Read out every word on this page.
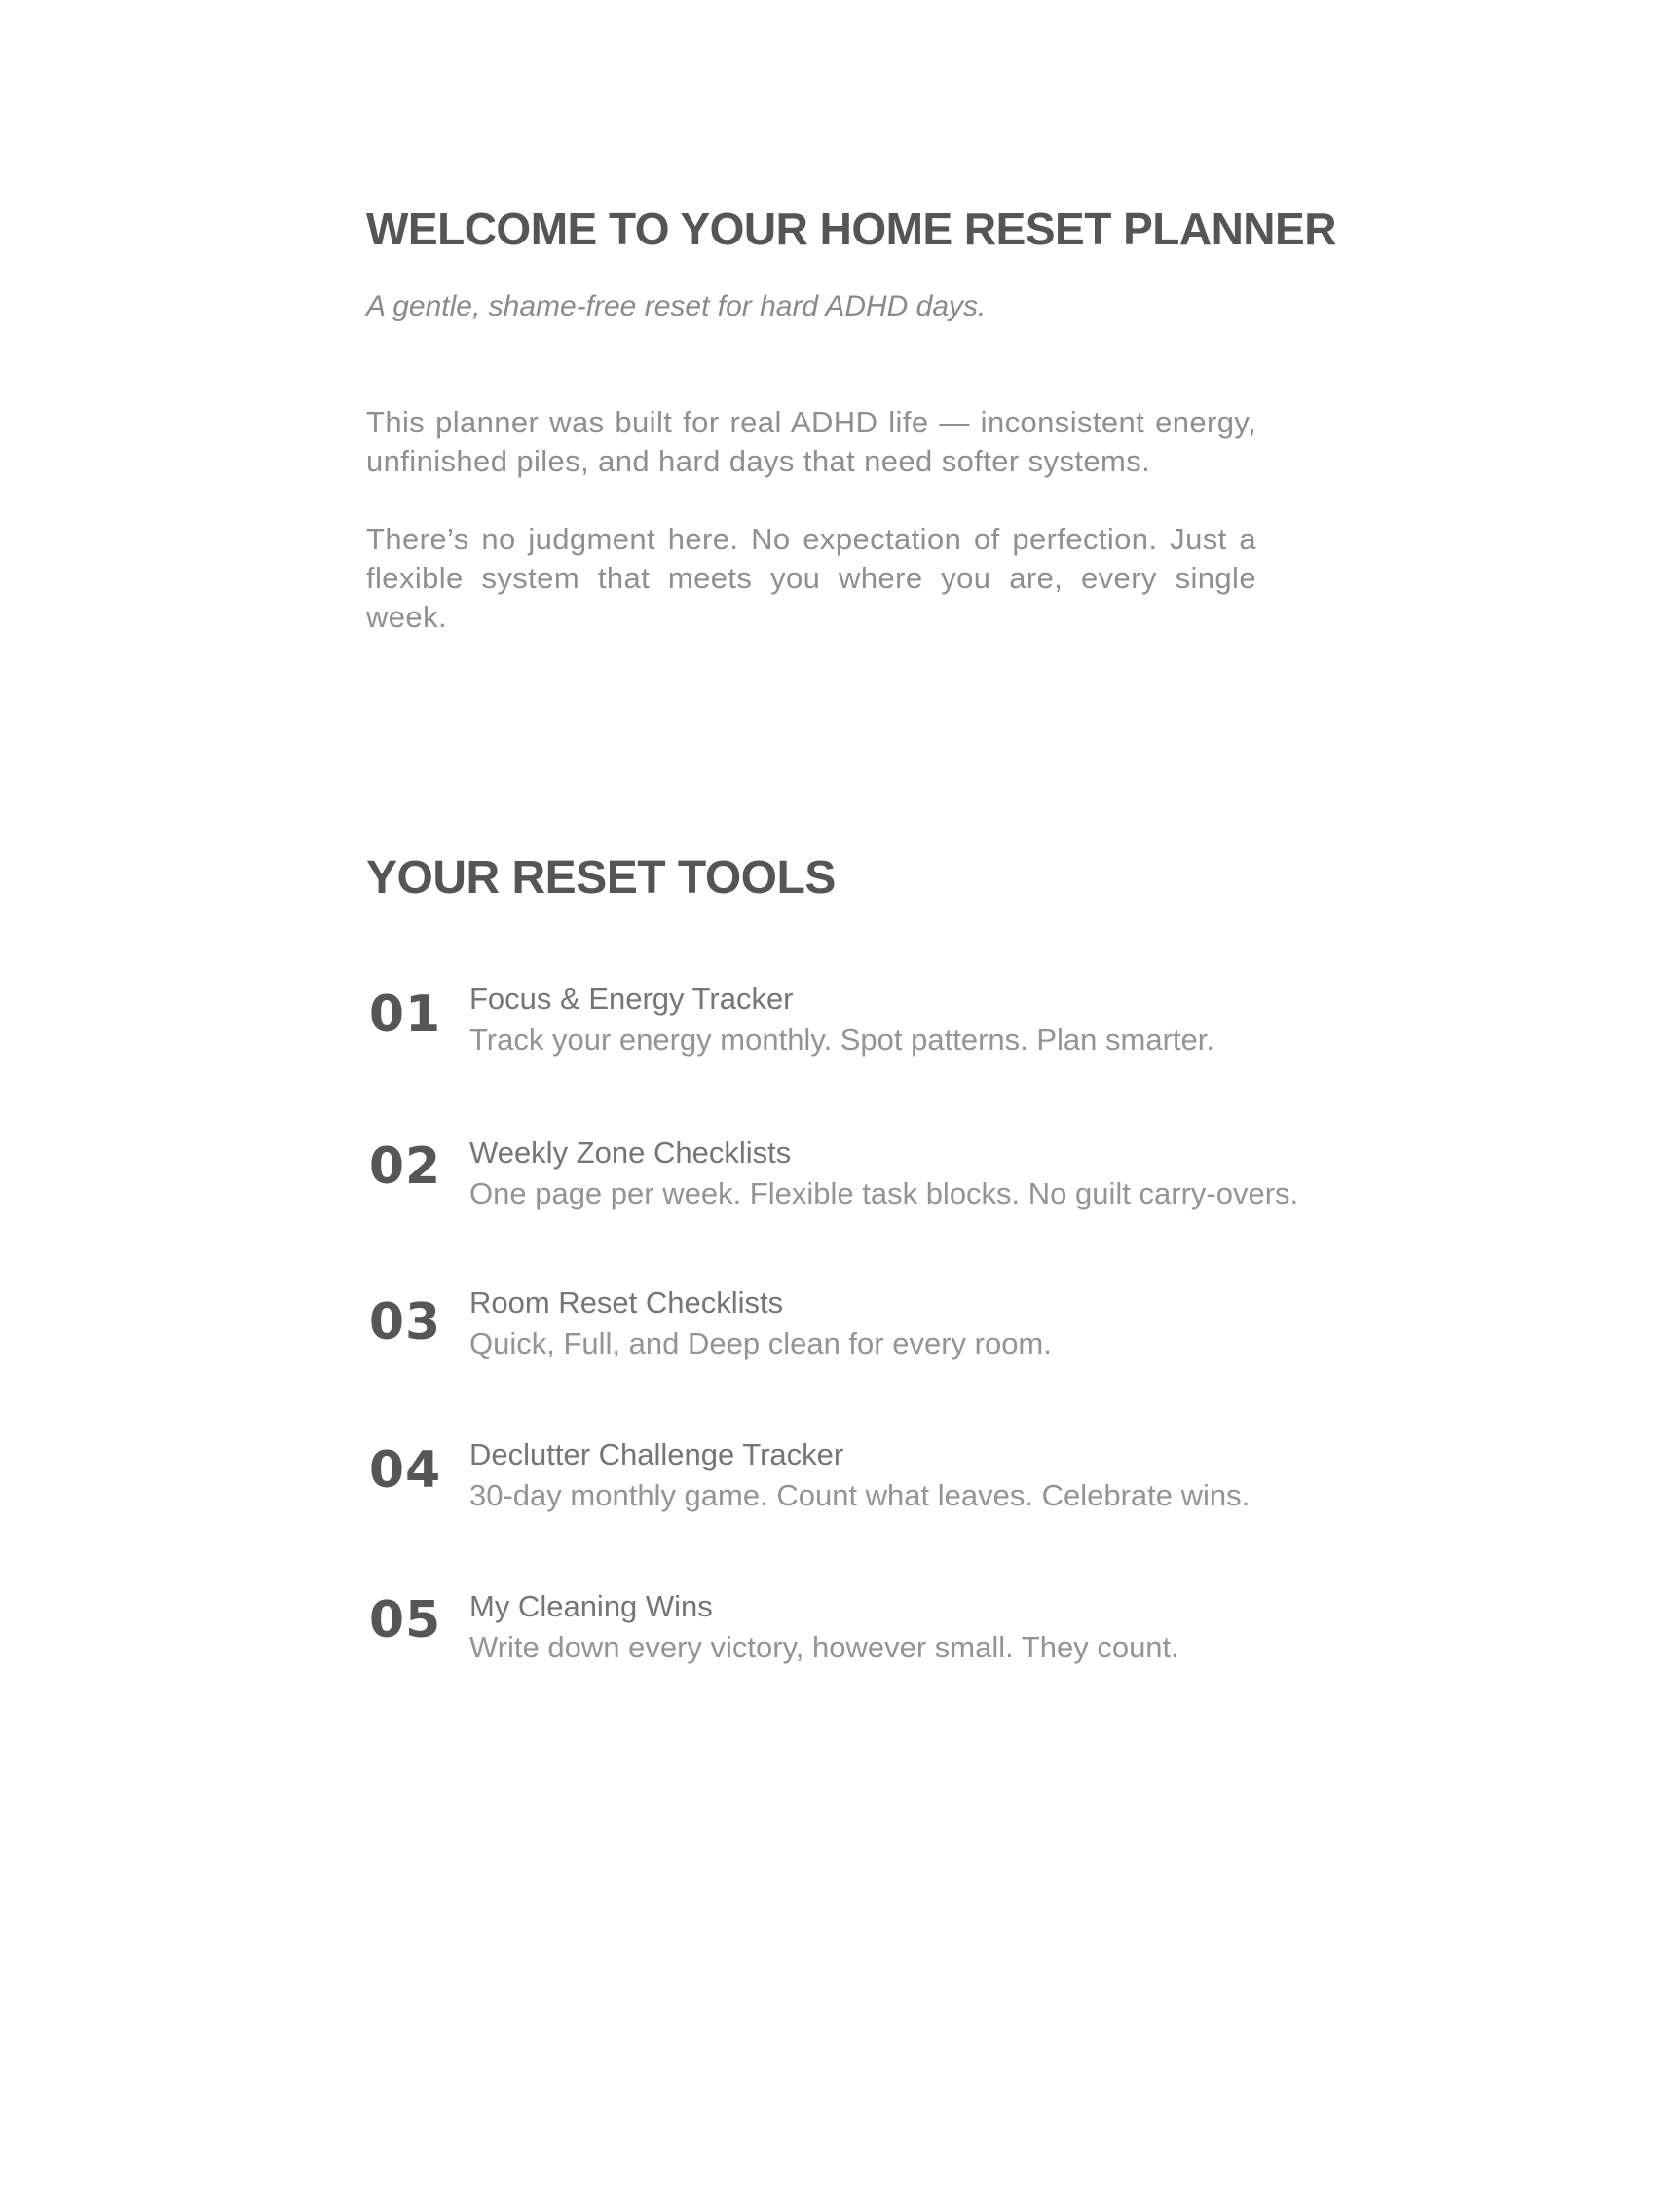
WELCOME TO YOUR HOME RESET PLANNER

A gentle, shame-free reset for hard ADHD days.

This planner was built for real ADHD life — inconsistent energy, unfinished piles, and hard days that need softer systems.

There’s no judgment here. No expectation of perfection. Just a flexible system that meets you where you are, every single week.

YOUR RESET TOOLS
01 Focus & Energy Tracker

Track your energy monthly. Spot patterns. Plan smarter.

02 Weekly Zone Checklists

One page per week. Flexible task blocks. No guilt carry-overs.

03 Room Reset Checklists

Quick, Full, and Deep clean for every room.

04 Declutter Challenge Tracker

30-day monthly game. Count what leaves. Celebrate wins.

05 My Cleaning Wins

Write down every victory, however small. They count.
